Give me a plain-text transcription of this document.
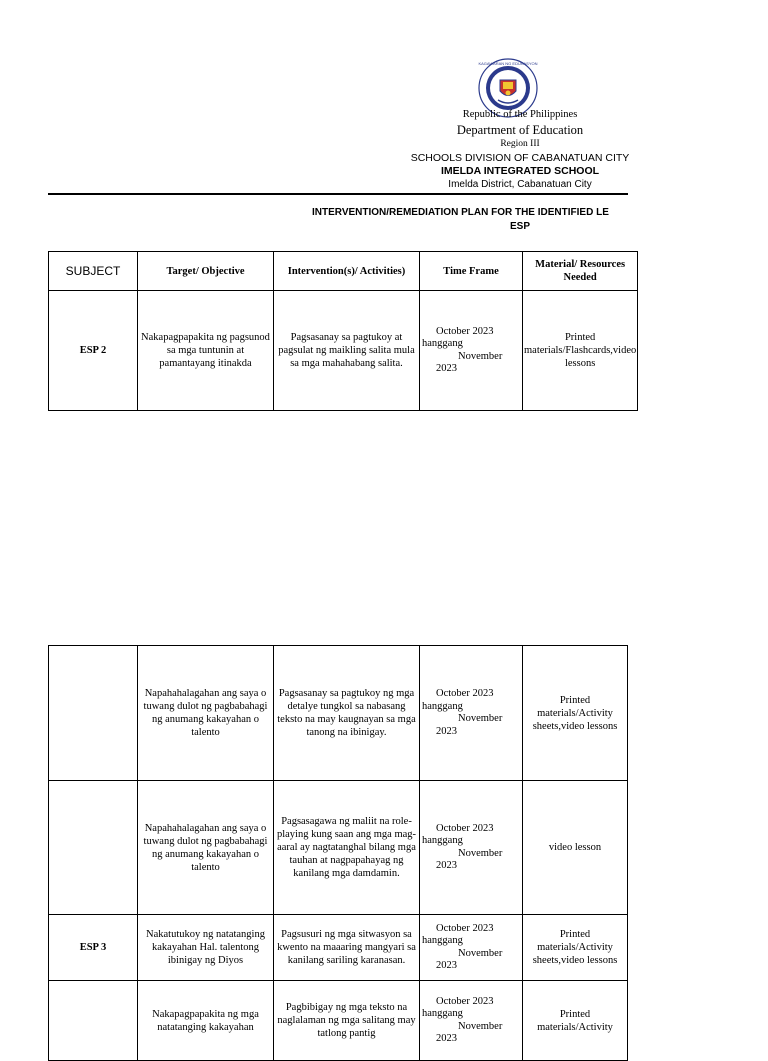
KAGAWARAN NG EDUKASYON
Republic of the Philippines
Department of Education
Region III
SCHOOLS DIVISION OF CABANATUAN CITY
IMELDA INTEGRATED SCHOOL
Imelda District, Cabanatuan City
INTERVENTION/REMEDIATION PLAN FOR THE IDENTIFIED LE
ESP
SUBJECT	Target/ Objective	Intervention(s)/ Activities)	Time Frame	Material/ Resources Needed
ESP 2	Nakapagpapakita ng pagsunod sa mga tuntunin at pamantayang itinakda	Pagsasanay sa pagtukoy at pagsulat ng maikling salita mula sa mga mahahabang salita.	October 2023
hanggang
November
2023	Printed materials/Flashcards,video lessons
	Napahahalagahan ang saya o tuwang dulot ng pagbabahagi ng anumang kakayahan o talento	Pagsasanay sa pagtukoy ng mga detalye tungkol sa nabasang teksto na may kaugnayan sa mga tanong na ibinigay.	October 2023
hanggang
November
2023	Printed materials/Activity sheets,video lessons
	Napahahalagahan ang saya o tuwang dulot ng pagbabahagi ng anumang kakayahan o talento	Pagsasagawa ng maliit na role-playing kung saan ang mga mag-aaral ay nagtatanghal bilang mga tauhan at nagpapahayag ng kanilang mga damdamin.	October 2023
hanggang
November
2023	video lesson
ESP 3	Nakatutukoy ng natatanging kakayahan Hal. talentong ibinigay ng Diyos	Pagsusuri ng mga sitwasyon sa kwento na maaaring mangyari sa kanilang sariling karanasan.	October 2023
hanggang
November
2023	Printed materials/Activity sheets,video lessons
	Nakapagpapakita ng mga natatanging kakayahan	Pagbibigay ng mga teksto na naglalaman ng mga salitang may tatlong pantig	October 2023
hanggang
November
2023	Printed materials/Activity
